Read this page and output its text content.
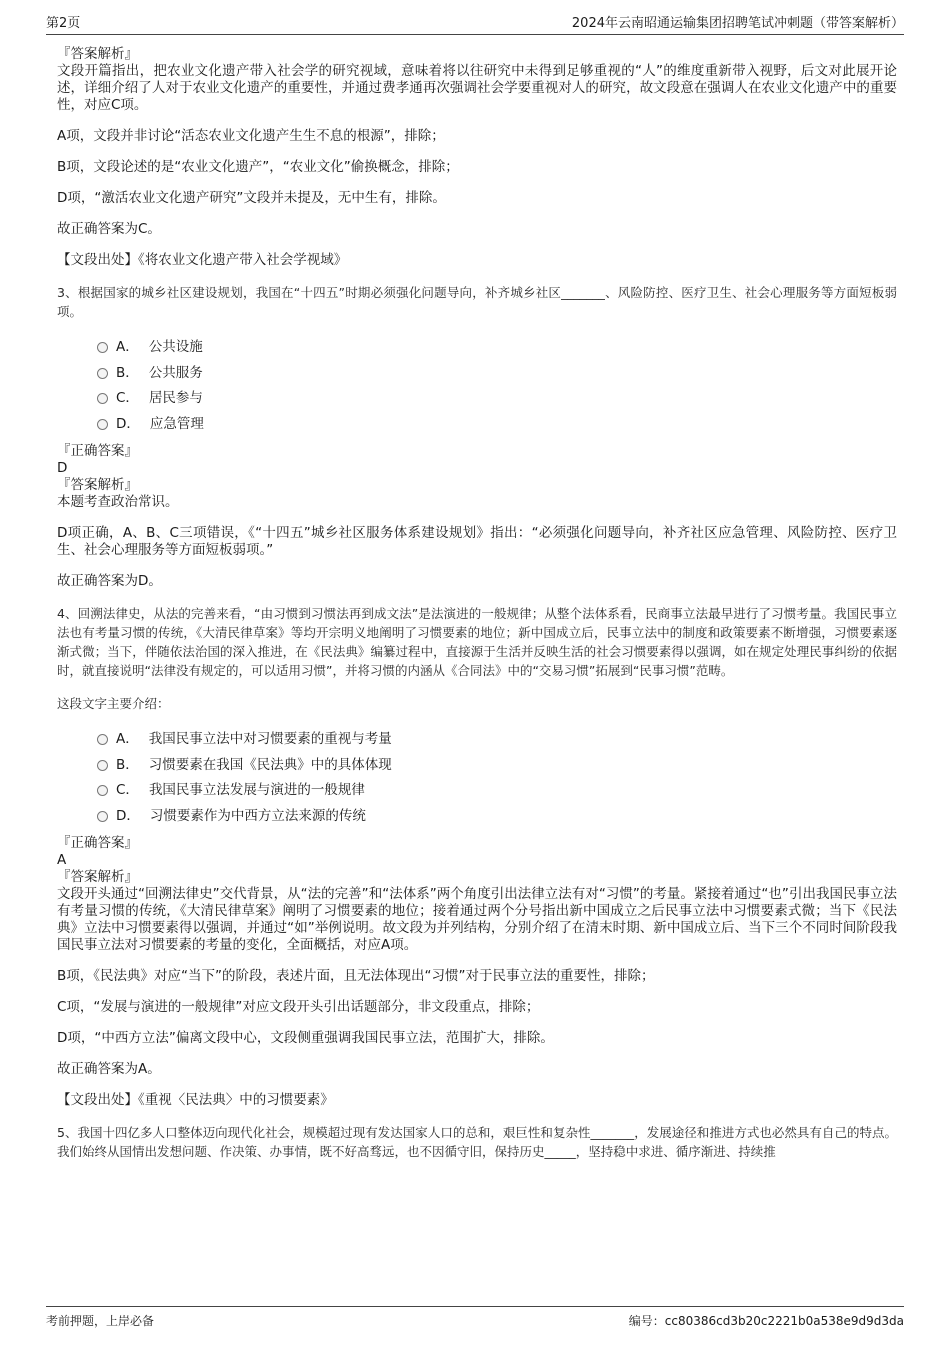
第2页	2024年云南昭通运输集团招聘笔试冲刺题（带答案解析）

『答案解析』

文段开篇指出，把农业文化遗产带入社会学的研究视域，意味着将以往研究中未得到足够重视的“人”的维度重新带入视野，后文对此展开论述，详细介绍了人对于农业文化遗产的重要性，并通过费孝通再次强调社会学要重视对人的研究，故文段意在强调人在农业文化遗产中的重要性，对应C项。

A项，文段并非讨论“活态农业文化遗产生生不息的根源”，排除；

B项，文段论述的是“农业文化遗产”，“农业文化”偷换概念，排除；

D项，“激活农业文化遗产研究”文段并未提及，无中生有，排除。

故正确答案为C。

【文段出处】《将农业文化遗产带入社会学视域》

3、根据国家的城乡社区建设规划，我国在“十四五”时期必须强化问题导向，补齐城乡社区_______、风险防控、医疗卫生、社会心理服务等方面短板弱项。

A． 公共设施
B． 公共服务
C． 居民参与
D． 应急管理

『正确答案』

D

『答案解析』

本题考查政治常识。

D项正确，A、B、C三项错误，《“十四五”城乡社区服务体系建设规划》指出：“必须强化问题导向，补齐社区应急管理、风险防控、医疗卫生、社会心理服务等方面短板弱项。”

故正确答案为D。

4、回溯法律史，从法的完善来看，“由习惯到习惯法再到成文法”是法演进的一般规律；从整个法体系看，民商事立法最早进行了习惯考量。我国民事立法也有考量习惯的传统，《大清民律草案》等均开宗明义地阐明了习惯要素的地位；新中国成立后，民事立法中的制度和政策要素不断增强，习惯要素逐渐式微；当下，伴随依法治国的深入推进，在《民法典》编纂过程中，直接源于生活并反映生活的社会习惯要素得以强调，如在规定处理民事纠纷的依据时，就直接说明“法律没有规定的，可以适用习惯”，并将习惯的内涵从《合同法》中的“交易习惯”拓展到“民事习惯”范畴。

这段文字主要介绍：

A． 我国民事立法中对习惯要素的重视与考量
B． 习惯要素在我国《民法典》中的具体体现
C． 我国民事立法发展与演进的一般规律
D． 习惯要素作为中西方立法来源的传统

『正确答案』

A

『答案解析』

文段开头通过“回溯法律史”交代背景，从“法的完善”和“法体系”两个角度引出法律立法有对“习惯”的考量。紧接着通过“也”引出我国民事立法有考量习惯的传统，《大清民律草案》阐明了习惯要素的地位；接着通过两个分号指出新中国成立之后民事立法中习惯要素式微；当下《民法典》立法中习惯要素得以强调，并通过“如”举例说明。故文段为并列结构，分别介绍了在清末时期、新中国成立后、当下三个不同时间阶段我国民事立法对习惯要素的考量的变化，全面概括，对应A项。

B项，《民法典》对应“当下”的阶段，表述片面，且无法体现出“习惯”对于民事立法的重要性，排除；

C项，“发展与演进的一般规律”对应文段开头引出话题部分，非文段重点，排除；

D项，“中西方立法”偏离文段中心，文段侧重强调我国民事立法，范围扩大，排除。

故正确答案为A。

【文段出处】《重视〈民法典〉中的习惯要素》

5、我国十四亿多人口整体迈向现代化社会，规模超过现有发达国家人口的总和，艰巨性和复杂性_______，发展途径和推进方式也必然具有自己的特点。我们始终从国情出发想问题、作决策、办事情，既不好高骛远，也不因循守旧，保持历史_____，坚持稳中求进、循序渐进、持续推

考前押题，上岸必备	编号：cc80386cd3b20c2221b0a538e9d9d3da
